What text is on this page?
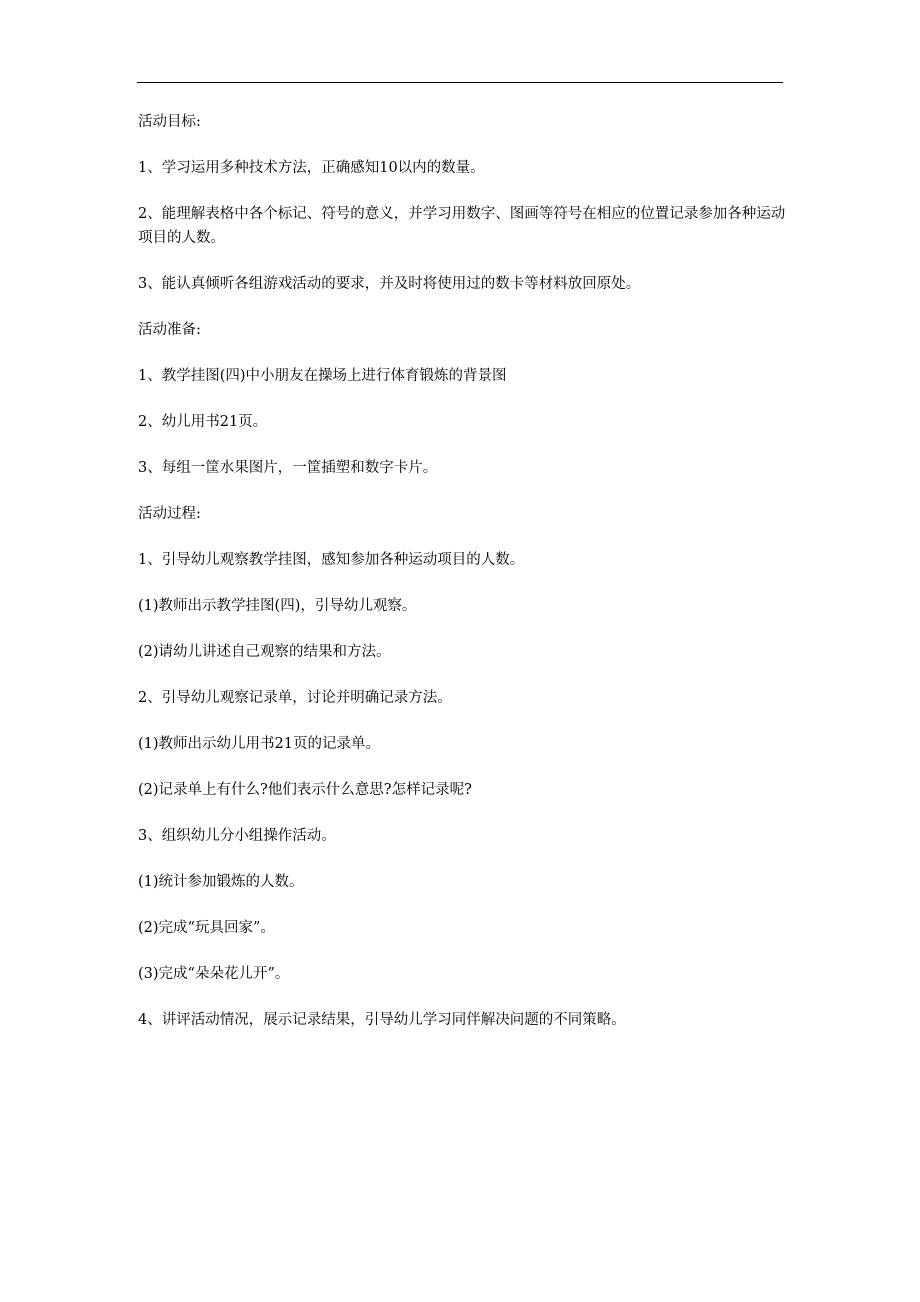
活动目标:

1、学习运用多种技术方法，正确感知10以内的数量。

2、能理解表格中各个标记、符号的意义，并学习用数字、图画等符号在相应的位置记录参加各种运动项目的人数。

3、能认真倾听各组游戏活动的要求，并及时将使用过的数卡等材料放回原处。

活动准备:

1、教学挂图(四)中小朋友在操场上进行体育锻炼的背景图

2、幼儿用书21页。

3、每组一筐水果图片，一筐插塑和数字卡片。

活动过程:

1、引导幼儿观察教学挂图，感知参加各种运动项目的人数。

(1)教师出示教学挂图(四)，引导幼儿观察。

(2)请幼儿讲述自己观察的结果和方法。

2、引导幼儿观察记录单，讨论并明确记录方法。

(1)教师出示幼儿用书21页的记录单。

(2)记录单上有什么?他们表示什么意思?怎样记录呢?

3、组织幼儿分小组操作活动。

(1)统计参加锻炼的人数。

(2)完成“玩具回家”。

(3)完成“朵朵花儿开”。

4、讲评活动情况，展示记录结果，引导幼儿学习同伴解决问题的不同策略。
